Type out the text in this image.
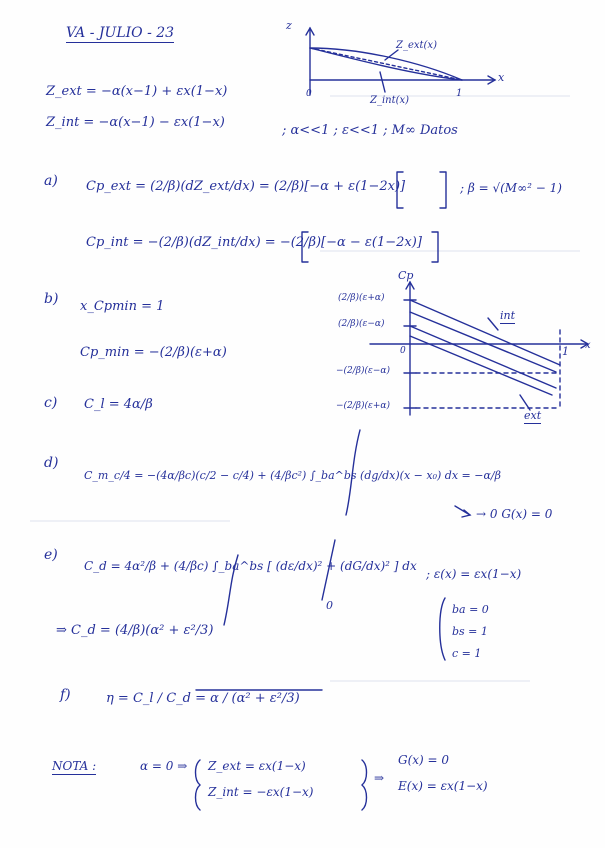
VA - JULIO - 23	z
x
Z_ext(x)
Z_int(x)
0	1
Z_ext = −α(x−1) + εx(1−x)
Z_int = −α(x−1) − εx(1−x)
; α<<1 ; ε<<1 ; M∞ Datos
a) Cp_ext = (2/β)(dZ_ext/dx) = (2/β)[−α + ε(1−2x)]	; β = √(M∞² − 1)
Cp_int = −(2/β)(dZ_int/dx) = −(2/β)[−α − ε(1−2x)]
b) x_Cpmin = 1
Cp_min = −(2/β)(ε+α)
Cp
x
(2/β)(ε+α)
(2/β)(ε−α)
−(2/β)(ε−α)
−(2/β)(ε+α)
0	1
int
ext
c) C_l = 4α/β
d)
C_m_c/4 = −(4α/βc)(c/2 − c/4) + (4/βc²) ∫_ba^bs (dg/dx)(x − x₀) dx = −α/β
→ 0 G(x) = 0
e)
C_d = 4α²/β + (4/βc) ∫_ba^bs [ (dε/dx)² + (dG/dx)² ] dx
; ε(x) = εx(1−x)
0
⇒ C_d = (4/β)(α² + ε²/3)
ba = 0
bs = 1
c = 1
f)	η = C_l / C_d = α / (α² + ε²/3)
NOTA :	α = 0 ⇒ Z_ext = εx(1−x)
Z_int = −εx(1−x)
⇒
G(x) = 0
E(x) = εx(1−x)
